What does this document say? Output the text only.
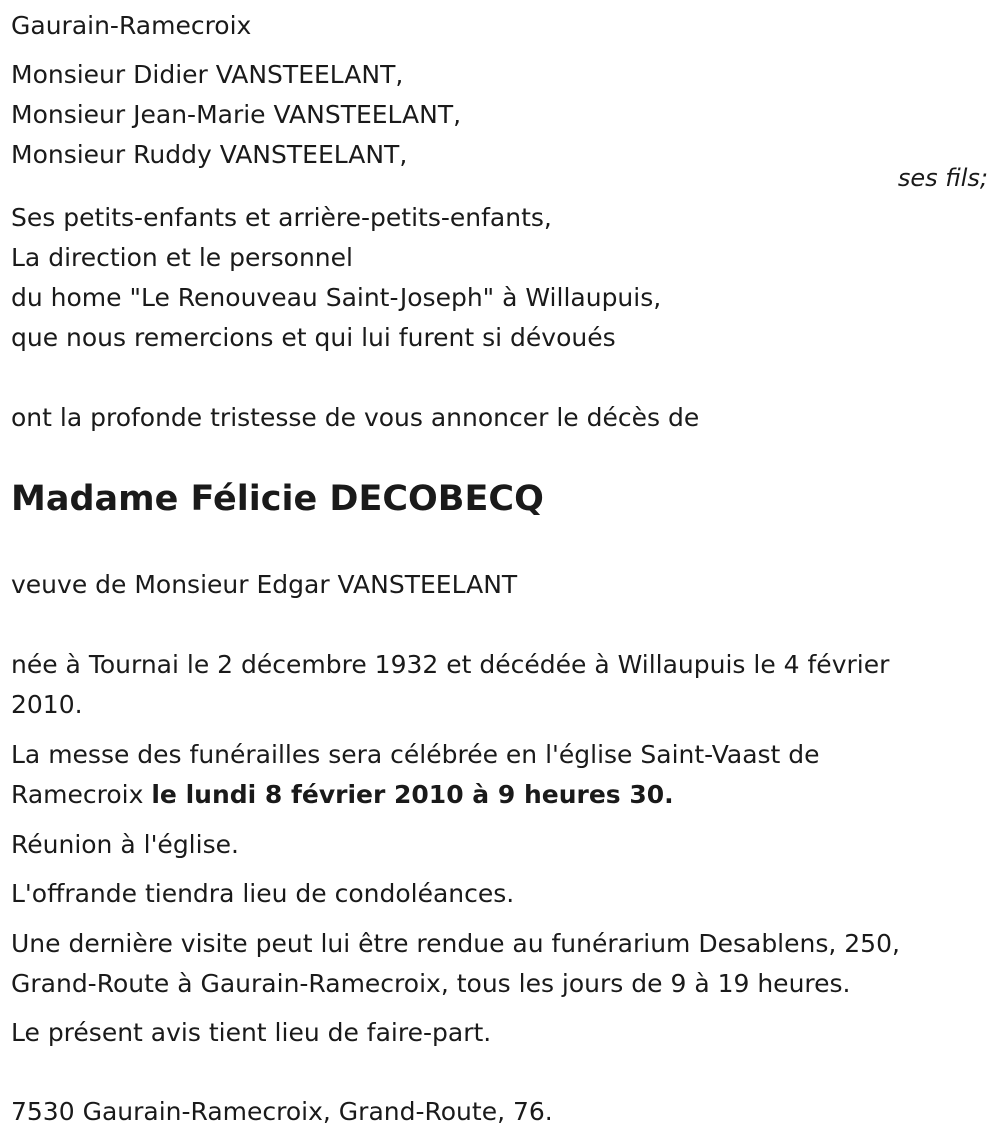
Gaurain-Ramecroix

Monsieur Didier VANSTEELANT,

Monsieur Jean-Marie VANSTEELANT,

Monsieur Ruddy VANSTEELANT,

ses fils;

Ses petits-enfants et arrière-petits-enfants,

La direction et le personnel

du home "Le Renouveau Saint-Joseph" à Willaupuis,

que nous remercions et qui lui furent si dévoués

ont la profonde tristesse de vous annoncer le décès de

Madame Félicie DECOBECQ

veuve de Monsieur Edgar VANSTEELANT

née à Tournai le 2 décembre 1932 et décédée à Willaupuis le 4 février

2010.

La messe des funérailles sera célébrée en l'église Saint-Vaast de

Ramecroix le lundi 8 février 2010 à 9 heures 30.

Réunion à l'église.

L'offrande tiendra lieu de condoléances.

Une dernière visite peut lui être rendue au funérarium Desablens, 250,

Grand-Route à Gaurain-Ramecroix, tous les jours de 9 à 19 heures.

Le présent avis tient lieu de faire-part.

7530 Gaurain-Ramecroix, Grand-Route, 76.
